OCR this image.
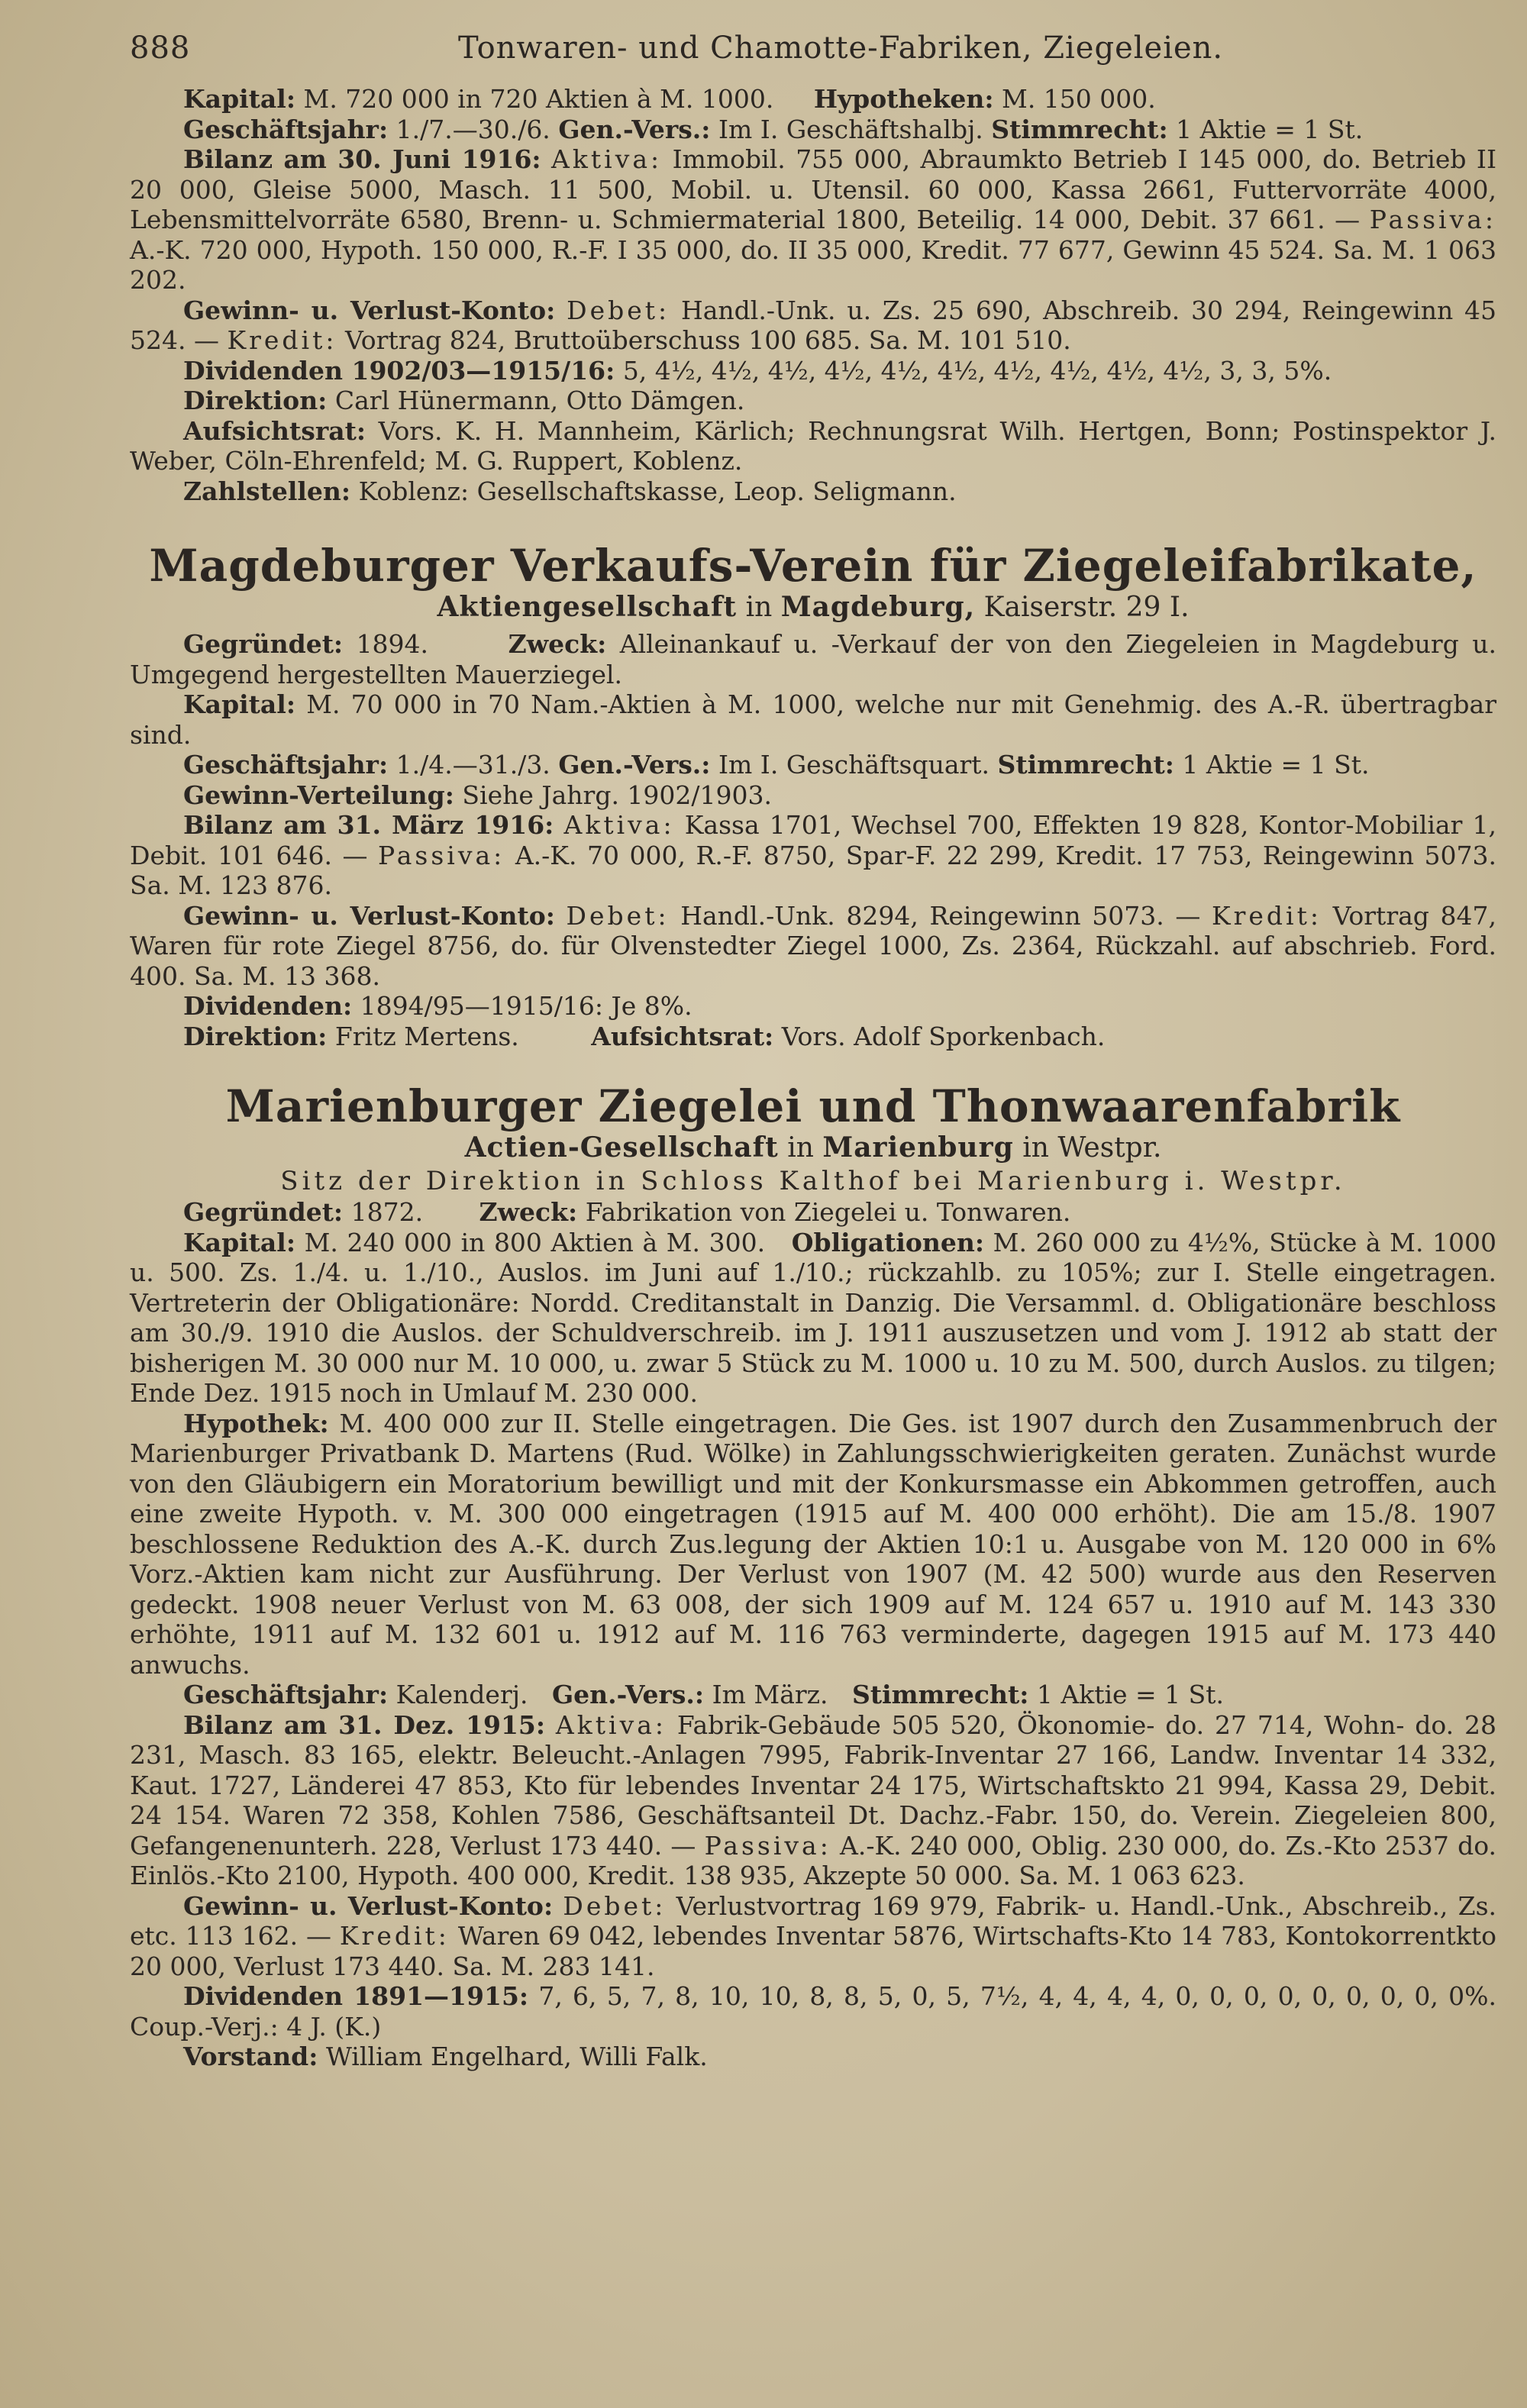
888	Tonwaren- und Chamotte-Fabriken, Ziegeleien.

Kapital: M. 720 000 in 720 Aktien à M. 1000. Hypotheken: M. 150 000.

Geschäftsjahr: 1./7.—30./6. Gen.-Vers.: Im I. Geschäftshalbj. Stimmrecht: 1 Aktie = 1 St.

Bilanz am 30. Juni 1916: Aktiva: Immobil. 755 000, Abraumkto Betrieb I 145 000, do. Betrieb II 20 000, Gleise 5000, Masch. 11 500, Mobil. u. Utensil. 60 000, Kassa 2661, Futtervorräte 4000, Lebensmittelvorräte 6580, Brenn- u. Schmiermaterial 1800, Beteilig. 14 000, Debit. 37 661. — Passiva: A.-K. 720 000, Hypoth. 150 000, R.-F. I 35 000, do. II 35 000, Kredit. 77 677, Gewinn 45 524. Sa. M. 1 063 202.

Gewinn- u. Verlust-Konto: Debet: Handl.-Unk. u. Zs. 25 690, Abschreib. 30 294, Reingewinn 45 524. — Kredit: Vortrag 824, Bruttoüberschuss 100 685. Sa. M. 101 510.

Dividenden 1902/03—1915/16: 5, 4½, 4½, 4½, 4½, 4½, 4½, 4½, 4½, 4½, 4½, 3, 3, 5%.

Direktion: Carl Hünermann, Otto Dämgen.

Aufsichtsrat: Vors. K. H. Mannheim, Kärlich; Rechnungsrat Wilh. Hertgen, Bonn; Postinspektor J. Weber, Cöln-Ehrenfeld; M. G. Ruppert, Koblenz.

Zahlstellen: Koblenz: Gesellschaftskasse, Leop. Seligmann.

Magdeburger Verkaufs-Verein für Ziegeleifabrikate,

Aktiengesellschaft in Magdeburg, Kaiserstr. 29 I.

Gegründet: 1894.	Zweck: Alleinankauf u. -Verkauf der von den Ziegeleien in Magdeburg u. Umgegend hergestellten Mauerziegel.

Kapital: M. 70 000 in 70 Nam.-Aktien à M. 1000, welche nur mit Genehmig. des A.-R. übertragbar sind.

Geschäftsjahr: 1./4.—31./3. Gen.-Vers.: Im I. Geschäftsquart. Stimmrecht: 1 Aktie = 1 St.

Gewinn-Verteilung: Siehe Jahrg. 1902/1903.

Bilanz am 31. März 1916: Aktiva: Kassa 1701, Wechsel 700, Effekten 19 828, Kontor-Mobiliar 1, Debit. 101 646. — Passiva: A.-K. 70 000, R.-F. 8750, Spar-F. 22 299, Kredit. 17 753, Reingewinn 5073. Sa. M. 123 876.

Gewinn- u. Verlust-Konto: Debet: Handl.-Unk. 8294, Reingewinn 5073. — Kredit: Vortrag 847, Waren für rote Ziegel 8756, do. für Olvenstedter Ziegel 1000, Zs. 2364, Rückzahl. auf abschrieb. Ford. 400. Sa. M. 13 368.

Dividenden: 1894/95—1915/16: Je 8%.

Direktion: Fritz Mertens.	Aufsichtsrat: Vors. Adolf Sporkenbach.

Marienburger Ziegelei und Thonwaarenfabrik

Actien-Gesellschaft in Marienburg in Westpr.

Sitz der Direktion in Schloss Kalthof bei Marienburg i. Westpr.

Gegründet: 1872. Zweck: Fabrikation von Ziegelei u. Tonwaren.

Kapital: M. 240 000 in 800 Aktien à M. 300. Obligationen: M. 260 000 zu 4½%, Stücke à M. 1000 u. 500. Zs. 1./4. u. 1./10., Auslos. im Juni auf 1./10.; rückzahlb. zu 105%; zur I. Stelle eingetragen. Vertreterin der Obligationäre: Nordd. Creditanstalt in Danzig. Die Versamml. d. Obligationäre beschloss am 30./9. 1910 die Auslos. der Schuldverschreib. im J. 1911 auszusetzen und vom J. 1912 ab statt der bisherigen M. 30 000 nur M. 10 000, u. zwar 5 Stück zu M. 1000 u. 10 zu M. 500, durch Auslos. zu tilgen; Ende Dez. 1915 noch in Umlauf M. 230 000.

Hypothek: M. 400 000 zur II. Stelle eingetragen. Die Ges. ist 1907 durch den Zusammenbruch der Marienburger Privatbank D. Martens (Rud. Wölke) in Zahlungsschwierigkeiten geraten. Zunächst wurde von den Gläubigern ein Moratorium bewilligt und mit der Konkursmasse ein Abkommen getroffen, auch eine zweite Hypoth. v. M. 300 000 eingetragen (1915 auf M. 400 000 erhöht). Die am 15./8. 1907 beschlossene Reduktion des A.-K. durch Zus.legung der Aktien 10:1 u. Ausgabe von M. 120 000 in 6% Vorz.-Aktien kam nicht zur Ausführung. Der Verlust von 1907 (M. 42 500) wurde aus den Reserven gedeckt. 1908 neuer Verlust von M. 63 008, der sich 1909 auf M. 124 657 u. 1910 auf M. 143 330 erhöhte, 1911 auf M. 132 601 u. 1912 auf M. 116 763 verminderte, dagegen 1915 auf M. 173 440 anwuchs.

Geschäftsjahr: Kalenderj. Gen.-Vers.: Im März. Stimmrecht: 1 Aktie = 1 St.

Bilanz am 31. Dez. 1915: Aktiva: Fabrik-Gebäude 505 520, Ökonomie- do. 27 714, Wohn- do. 28 231, Masch. 83 165, elektr. Beleucht.-Anlagen 7995, Fabrik-Inventar 27 166, Landw. Inventar 14 332, Kaut. 1727, Länderei 47 853, Kto für lebendes Inventar 24 175, Wirtschaftskto 21 994, Kassa 29, Debit. 24 154. Waren 72 358, Kohlen 7586, Geschäftsanteil Dt. Dachz.-Fabr. 150, do. Verein. Ziegeleien 800, Gefangenenunterh. 228, Verlust 173 440. — Passiva: A.-K. 240 000, Oblig. 230 000, do. Zs.-Kto 2537 do. Einlös.-Kto 2100, Hypoth. 400 000, Kredit. 138 935, Akzepte 50 000. Sa. M. 1 063 623.

Gewinn- u. Verlust-Konto: Debet: Verlustvortrag 169 979, Fabrik- u. Handl.-Unk., Abschreib., Zs. etc. 113 162. — Kredit: Waren 69 042, lebendes Inventar 5876, Wirtschafts-Kto 14 783, Kontokorrentkto 20 000, Verlust 173 440. Sa. M. 283 141.

Dividenden 1891—1915: 7, 6, 5, 7, 8, 10, 10, 8, 8, 5, 0, 5, 7½, 4, 4, 4, 4, 0, 0, 0, 0, 0, 0, 0, 0, 0%. Coup.-Verj.: 4 J. (K.)

Vorstand: William Engelhard, Willi Falk.
